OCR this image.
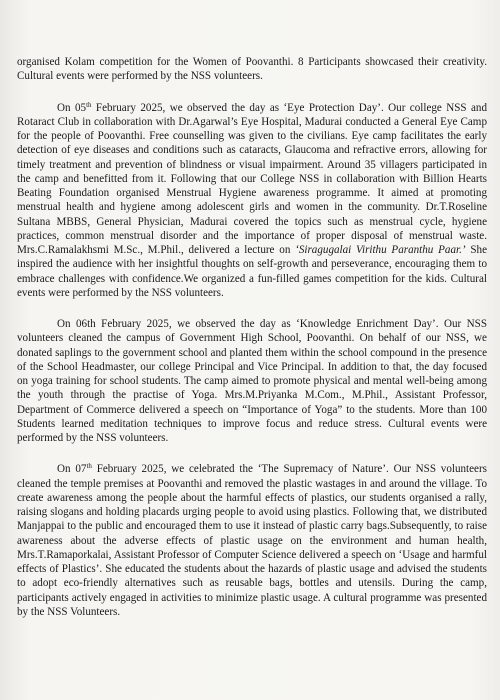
organised Kolam competition for the Women of Poovanthi. 8 Participants showcased their creativity. Cultural events were performed by the NSS volunteers.

On 05th February 2025, we observed the day as ‘Eye Protection Day’. Our college NSS and Rotaract Club in collaboration with Dr.Agarwal’s Eye Hospital, Madurai conducted a General Eye Camp for the people of Poovanthi. Free counselling was given to the civilians. Eye camp facilitates the early detection of eye diseases and conditions such as cataracts, Glaucoma and refractive errors, allowing for timely treatment and prevention of blindness or visual impairment. Around 35 villagers participated in the camp and benefitted from it. Following that our College NSS in collaboration with Billion Hearts Beating Foundation organised Menstrual Hygiene awareness programme. It aimed at promoting menstrual health and hygiene among adolescent girls and women in the community. Dr.T.Roseline Sultana MBBS, General Physician, Madurai covered the topics such as menstrual cycle, hygiene practices, common menstrual disorder and the importance of proper disposal of menstrual waste. Mrs.C.Ramalakhsmi M.Sc., M.Phil., delivered a lecture on ‘Siragugalai Virithu Paranthu Paar.’ She inspired the audience with her insightful thoughts on self-growth and perseverance, encouraging them to embrace challenges with confidence.We organized a fun-filled games competition for the kids. Cultural events were performed by the NSS volunteers.

On 06th February 2025, we observed the day as ‘Knowledge Enrichment Day’. Our NSS volunteers cleaned the campus of Government High School, Poovanthi. On behalf of our NSS, we donated saplings to the government school and planted them within the school compound in the presence of the School Headmaster, our college Principal and Vice Principal. In addition to that, the day focused on yoga training for school students. The camp aimed to promote physical and mental well-being among the youth through the practise of Yoga. Mrs.M.Priyanka M.Com., M.Phil., Assistant Professor, Department of Commerce delivered a speech on “Importance of Yoga” to the students. More than 100 Students learned meditation techniques to improve focus and reduce stress. Cultural events were performed by the NSS volunteers.

On 07th February 2025, we celebrated the ‘The Supremacy of Nature’. Our NSS volunteers cleaned the temple premises at Poovanthi and removed the plastic wastages in and around the village. To create awareness among the people about the harmful effects of plastics, our students organised a rally, raising slogans and holding placards urging people to avoid using plastics. Following that, we distributed Manjappai to the public and encouraged them to use it instead of plastic carry bags.Subsequently, to raise awareness about the adverse effects of plastic usage on the environment and human health, Mrs.T.Ramaporkalai, Assistant Professor of Computer Science delivered a speech on ‘Usage and harmful effects of Plastics’. She educated the students about the hazards of plastic usage and advised the students to adopt eco-friendly alternatives such as reusable bags, bottles and utensils. During the camp, participants actively engaged in activities to minimize plastic usage. A cultural programme was presented by the NSS Volunteers.
